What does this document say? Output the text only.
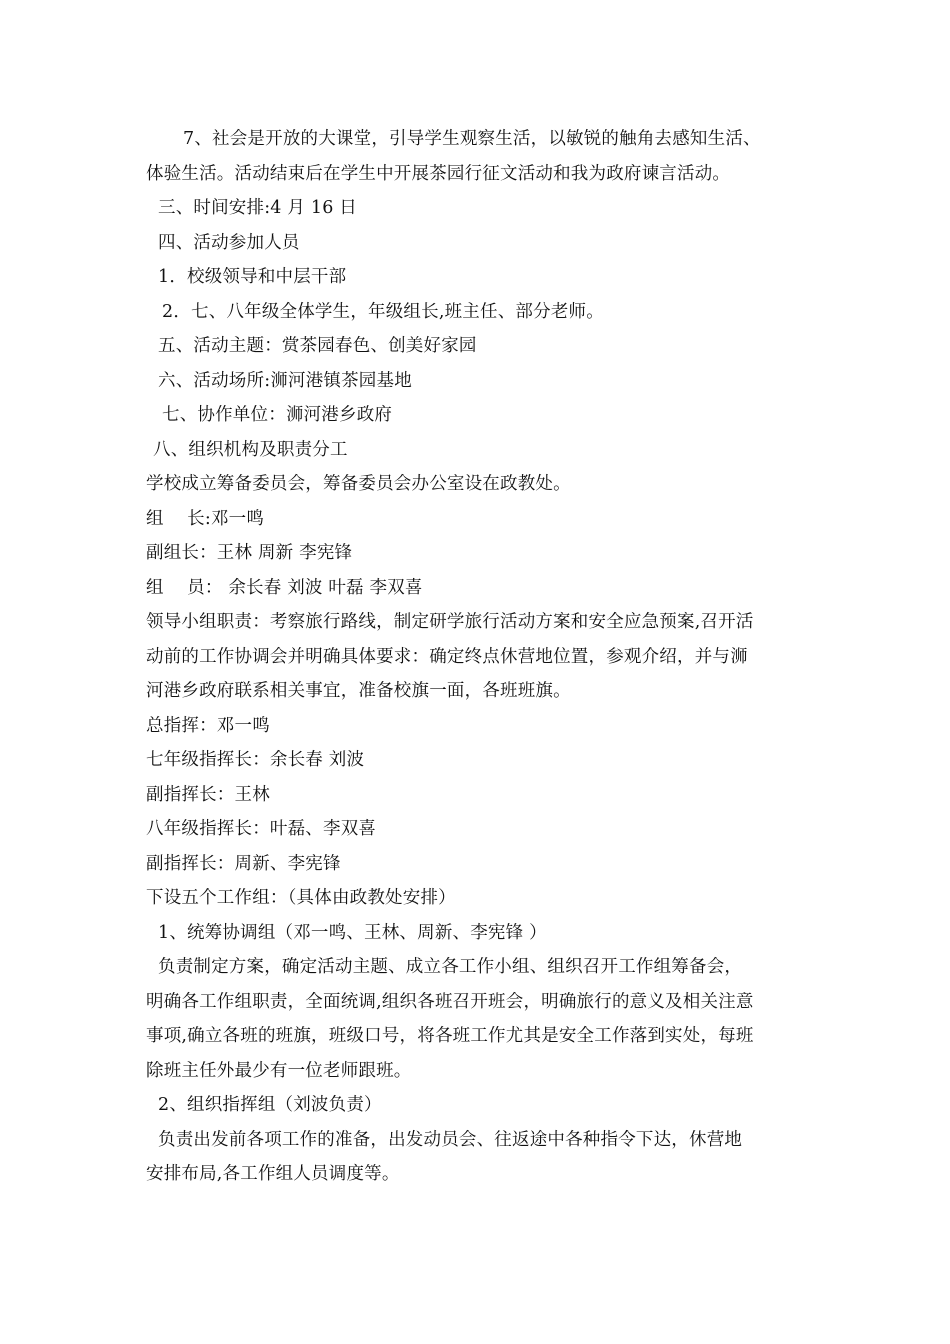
7、社会是开放的大课堂，引导学生观察生活，以敏锐的触角去感知生活、
体验生活。活动结束后在学生中开展茶园行征文活动和我为政府谏言活动。
三、时间安排:4 月 16 日
四、活动参加人员
1．校级领导和中层干部
2．七、八年级全体学生，年级组长,班主任、部分老师。
五、活动主题：赏茶园春色、创美好家园
六、活动场所:浉河港镇茶园基地
七、协作单位：浉河港乡政府
八、组织机构及职责分工
学校成立筹备委员会，筹备委员会办公室设在政教处。
组　 长:邓一鸣
副组长：王林 周新 李宪锋
组　 员： 余长春 刘波 叶磊 李双喜
领导小组职责：考察旅行路线，制定研学旅行活动方案和安全应急预案,召开活
动前的工作协调会并明确具体要求：确定终点休营地位置，参观介绍，并与浉
河港乡政府联系相关事宜，准备校旗一面，各班班旗。
总指挥：邓一鸣
七年级指挥长：余长春 刘波
副指挥长：王林
八年级指挥长：叶磊、李双喜
副指挥长：周新、李宪锋
下设五个工作组：（具体由政教处安排）
1、统筹协调组（邓一鸣、王林、周新、李宪锋 ）
负责制定方案，确定活动主题、成立各工作小组、组织召开工作组筹备会，
明确各工作组职责，全面统调,组织各班召开班会，明确旅行的意义及相关注意
事项,确立各班的班旗，班级口号，将各班工作尤其是安全工作落到实处，每班
除班主任外最少有一位老师跟班。
2、组织指挥组（刘波负责）
负责出发前各项工作的准备，出发动员会、往返途中各种指令下达，休营地
安排布局,各工作组人员调度等。
